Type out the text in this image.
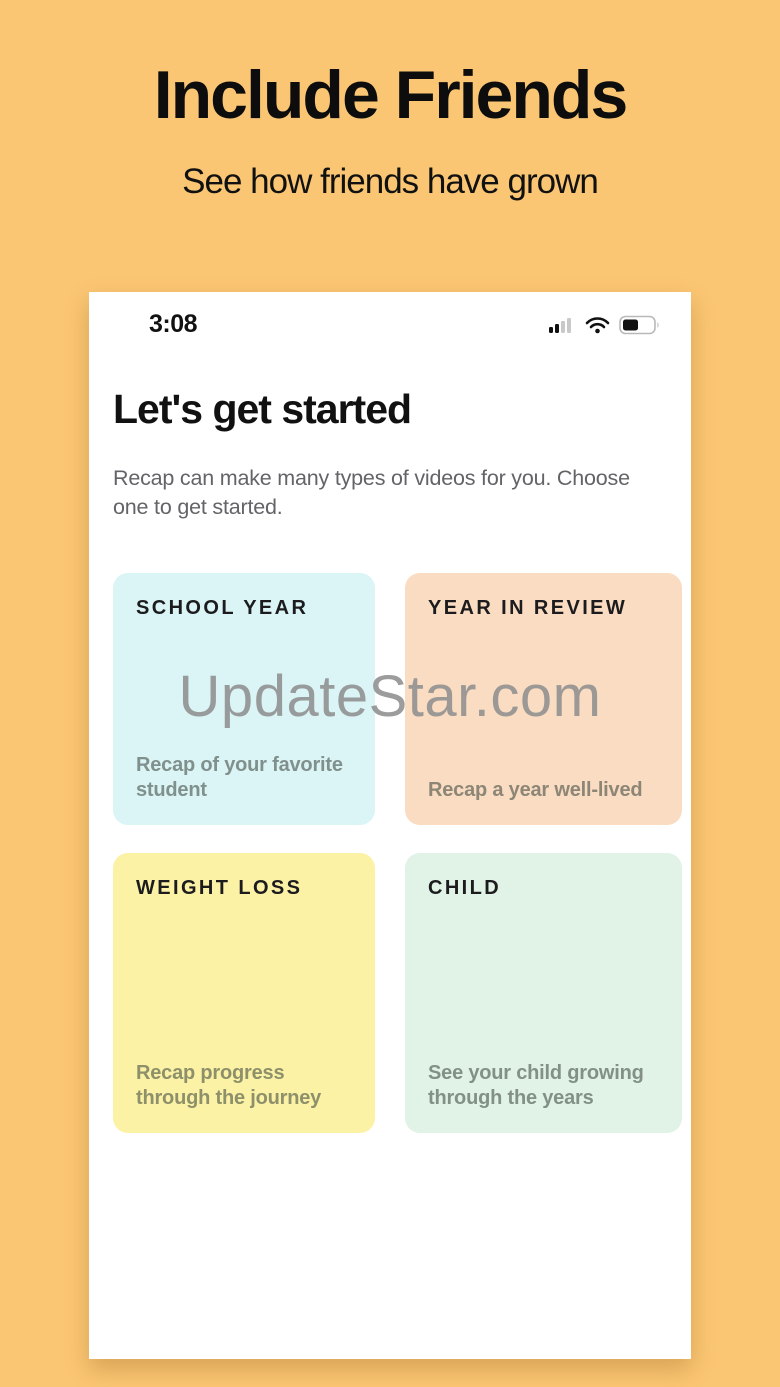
Include Friends
See how friends have grown
3:08
Let's get started
Recap can make many types of videos for you. Choose one to get started.
SCHOOL YEAR
Recap of your favorite student
YEAR IN REVIEW
Recap a year well-lived
WEIGHT LOSS
Recap progress through the journey
CHILD
See your child growing through the years
UpdateStar.com
